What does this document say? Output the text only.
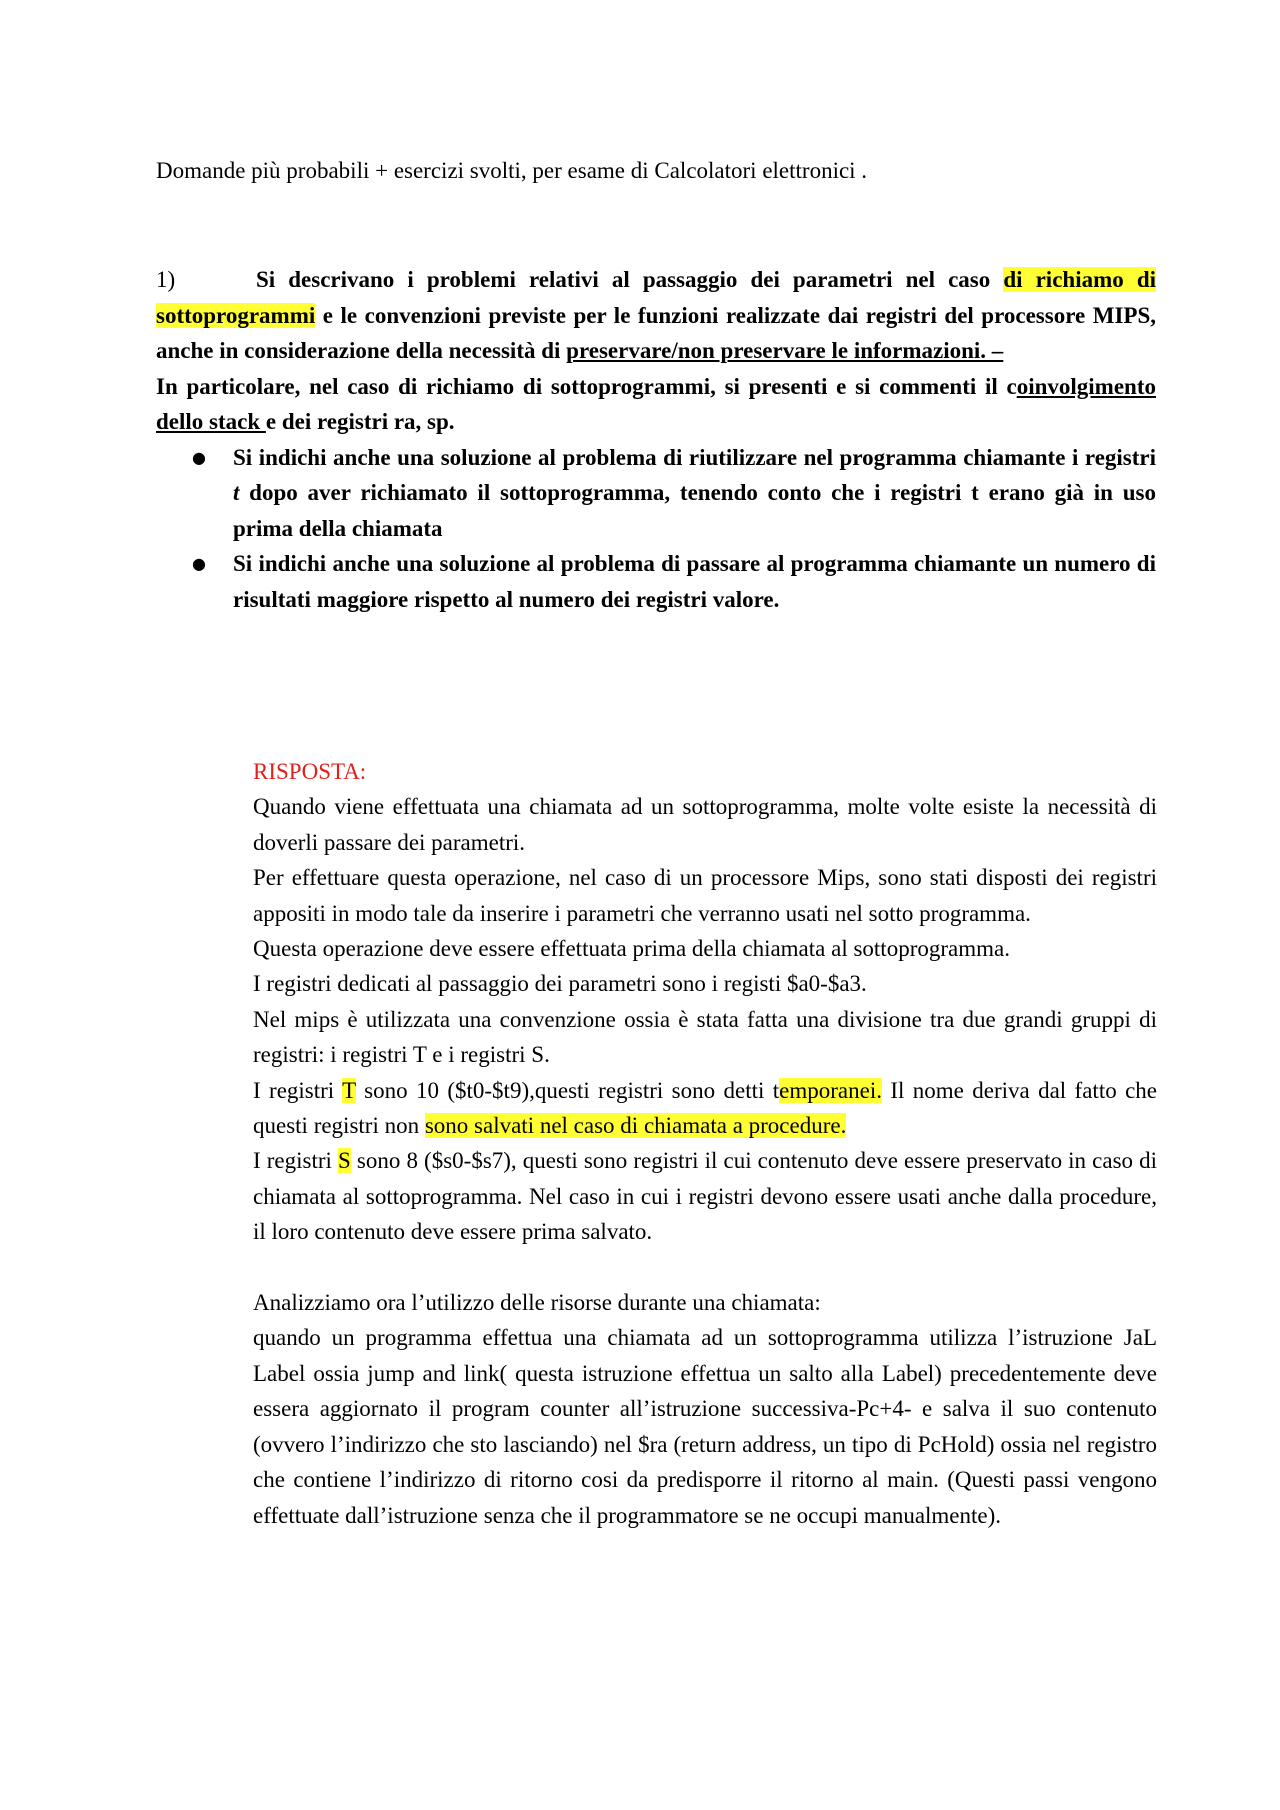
Domande più probabili + esercizi svolti, per esame di Calcolatori elettronici .

1)	Si descrivano i problemi relativi al passaggio dei parametri nel caso di richiamo di sottoprogrammi e le convenzioni previste per le funzioni realizzate dai registri del processore MIPS, anche in considerazione della necessità di preservare/non preservare le informazioni. –

In particolare, nel caso di richiamo di sottoprogrammi, si presenti e si commenti il coinvolgimento dello stack e dei registri ra, sp.

● Si indichi anche una soluzione al problema di riutilizzare nel programma chiamante i registri t dopo aver richiamato il sottoprogramma, tenendo conto che i registri t erano già in uso prima della chiamata
● Si indichi anche una soluzione al problema di passare al programma chiamante un numero di risultati maggiore rispetto al numero dei registri valore.

RISPOSTA:

Quando viene effettuata una chiamata ad un sottoprogramma, molte volte esiste la necessità di doverli passare dei parametri.

Per effettuare questa operazione, nel caso di un processore Mips, sono stati disposti dei registri appositi in modo tale da inserire i parametri che verranno usati nel sotto programma.

Questa operazione deve essere effettuata prima della chiamata al sottoprogramma.

I registri dedicati al passaggio dei parametri sono i registi $a0-$a3.

Nel mips è utilizzata una convenzione ossia è stata fatta una divisione tra due grandi gruppi di registri: i registri T e i registri S.

I registri T sono 10 ($t0-$t9),questi registri sono detti temporanei. Il nome deriva dal fatto che questi registri non sono salvati nel caso di chiamata a procedure.

I registri S sono 8 ($s0-$s7), questi sono registri il cui contenuto deve essere preservato in caso di chiamata al sottoprogramma. Nel caso in cui i registri devono essere usati anche dalla procedure, il loro contenuto deve essere prima salvato.

Analizziamo ora l’utilizzo delle risorse durante una chiamata:

quando un programma effettua una chiamata ad un sottoprogramma utilizza l’istruzione JaL Label ossia jump and link( questa istruzione effettua un salto alla Label) precedentemente deve essera aggiornato il program counter all’istruzione successiva-Pc+4- e salva il suo contenuto (ovvero l’indirizzo che sto lasciando) nel $ra (return address, un tipo di PcHold) ossia nel registro che contiene l’indirizzo di ritorno cosi da predisporre il ritorno al main. (Questi passi vengono effettuate dall’istruzione senza che il programmatore se ne occupi manualmente).
